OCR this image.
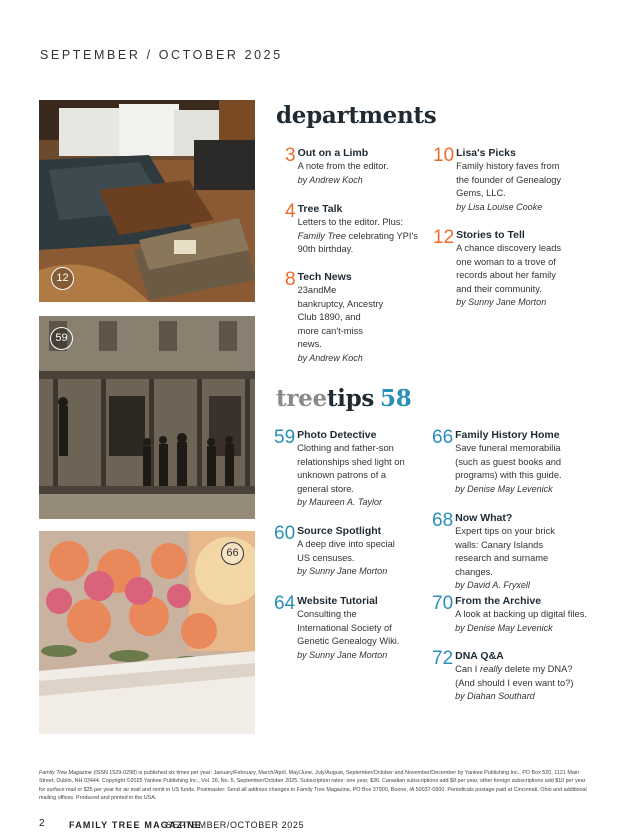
SEPTEMBER / OCTOBER 2025
12
59
66
departments
3 Out on a Limb
A note from the editor.
by Andrew Koch
4 Tree Talk
Letters to the editor. Plus:
Family Tree celebrating YPI's 90th birthday.
8 Tech News
23andMe bankruptcy, Ancestry Club 1890, and more can't-miss news.
by Andrew Koch
10 Lisa's Picks
Family history faves from the founder of Genealogy Gems, LLC.
by Lisa Louise Cooke
12 Stories to Tell
A chance discovery leads one woman to a trove of records about her family and their community.
by Sunny Jane Morton
treetips 58
59 Photo Detective
Clothing and father-son relationships shed light on unknown patrons of a general store.
by Maureen A. Taylor
60 Source Spotlight
A deep dive into special US censuses.
by Sunny Jane Morton
64 Website Tutorial
Consulting the International Society of Genetic Genealogy Wiki.
by Sunny Jane Morton
66 Family History Home
Save funeral memorabilia (such as guest books and programs) with this guide.
by Denise May Levenick
68 Now What?
Expert tips on your brick walls: Canary Islands research and surname changes.
by David A. Fryxell
70 From the Archive
A look at backing up digital files.
by Denise May Levenick
72 DNA Q&A
Can I really delete my DNA? (And should I even want to?)
by Diahan Southard
Family Tree Magazine (ISSN 1529-0298) is published six times per year: January/February, March/April, May/June, July/August, September/October and November/December by Yankee Publishing Inc., PO Box 520, 1121 Main Street, Dublin, NH 03444. Copyright ©2025 Yankee Publishing Inc., Vol. 26, No. 5, September/October 2025. Subscription rates: one year, $36. Canadian subscriptions add $8 per year, other foreign subscriptions add $10 per year for surface mail or $35 per year for air mail and remit in US funds. Postmaster: Send all address changes to Family Tree Magazine, PO Box 37900, Boone, IA 50037-0900. Periodicals postage paid at Cincinnati, Ohio and additional mailing offices. Produced and printed in the USA.
2	FAMILY TREE MAGAZINE
SEPTEMBER/OCTOBER 2025
